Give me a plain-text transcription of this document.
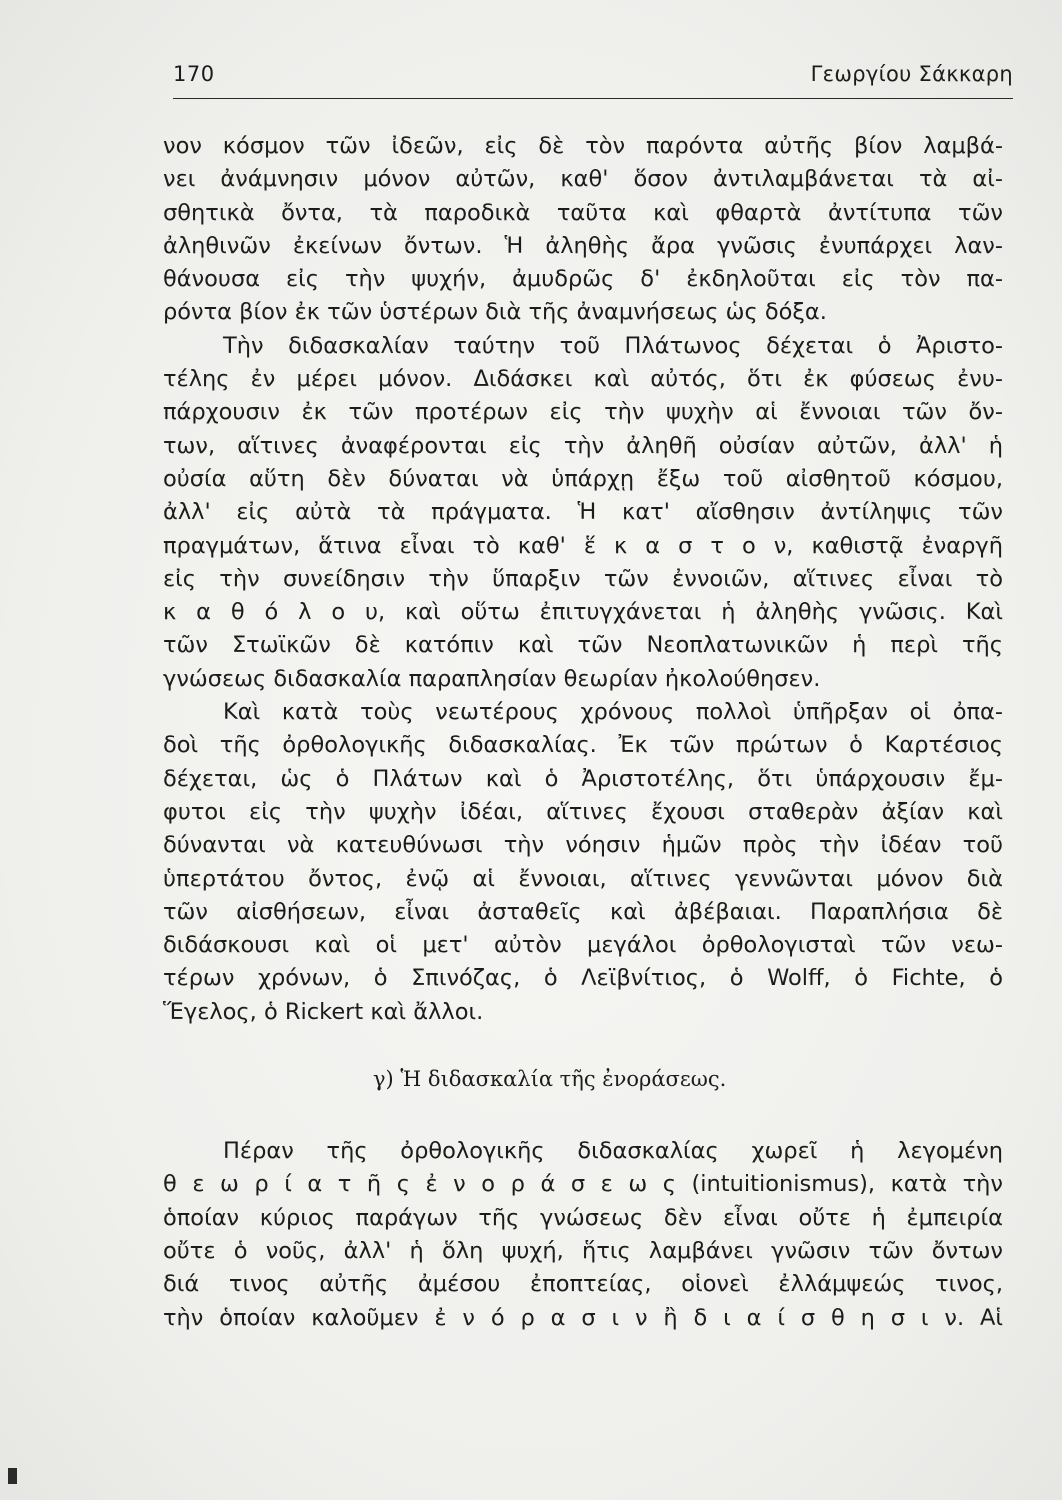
170	Γεωργίου Σάκκαρη
νον κόσμον τῶν ἰδεῶν, εἰς δὲ τὸν παρόντα αὐτῆς βίον λαμβά-
νει ἀνάμνησιν μόνον αὐτῶν, καθ' ὅσον ἀντιλαμβάνεται τὰ αἰ-
σθητικὰ ὄντα, τὰ παροδικὰ ταῦτα καὶ φθαρτὰ ἀντίτυπα τῶν
ἀληθινῶν ἐκείνων ὄντων. Ἡ ἀληθὴς ἄρα γνῶσις ἐνυπάρχει λαν-
θάνουσα εἰς τὴν ψυχήν, ἀμυδρῶς δ' ἐκδηλοῦται εἰς τὸν πα-
ρόντα βίον ἐκ τῶν ὑστέρων διὰ τῆς ἀναμνήσεως ὡς δόξα.
Τὴν διδασκαλίαν ταύτην τοῦ Πλάτωνος δέχεται ὁ Ἀριστο-
τέλης ἐν μέρει μόνον. Διδάσκει καὶ αὐτός, ὅτι ἐκ φύσεως ἐνυ-
πάρχουσιν ἐκ τῶν προτέρων εἰς τὴν ψυχὴν αἱ ἔννοιαι τῶν ὄν-
των, αἵτινες ἀναφέρονται εἰς τὴν ἀληθῆ οὐσίαν αὐτῶν, ἀλλ' ἡ
οὐσία αὕτη δὲν δύναται νὰ ὑπάρχῃ ἔξω τοῦ αἰσθητοῦ κόσμου,
ἀλλ' εἰς αὐτὰ τὰ πράγματα. Ἡ κατ' αἴσθησιν ἀντίληψις τῶν
πραγμάτων, ἅτινα εἶναι τὸ καθ' ἕ κ α σ τ ο ν, καθιστᾷ ἐναργῆ
εἰς τὴν συνείδησιν τὴν ὕπαρξιν τῶν ἐννοιῶν, αἵτινες εἶναι τὸ
κ α θ ό λ ο υ, καὶ οὕτω ἐπιτυγχάνεται ἡ ἀληθὴς γνῶσις. Καὶ
τῶν Στωϊκῶν δὲ κατόπιν καὶ τῶν Νεοπλατωνικῶν ἡ περὶ τῆς
γνώσεως διδασκαλία παραπλησίαν θεωρίαν ἠκολούθησεν.
Καὶ κατὰ τοὺς νεωτέρους χρόνους πολλοὶ ὑπῆρξαν οἱ ὀπα-
δοὶ τῆς ὀρθολογικῆς διδασκαλίας. Ἐκ τῶν πρώτων ὁ Καρτέσιος
δέχεται, ὡς ὁ Πλάτων καὶ ὁ Ἀριστοτέλης, ὅτι ὑπάρχουσιν ἔμ-
φυτοι εἰς τὴν ψυχὴν ἰδέαι, αἵτινες ἔχουσι σταθερὰν ἀξίαν καὶ
δύνανται νὰ κατευθύνωσι τὴν νόησιν ἡμῶν πρὸς τὴν ἰδέαν τοῦ
ὑπερτάτου ὄντος, ἐνῷ αἱ ἔννοιαι, αἵτινες γεννῶνται μόνον διὰ
τῶν αἰσθήσεων, εἶναι ἀσταθεῖς καὶ ἀβέβαιαι. Παραπλήσια δὲ
διδάσκουσι καὶ οἱ μετ' αὐτὸν μεγάλοι ὀρθολογισταὶ τῶν νεω-
τέρων χρόνων, ὁ Σπινόζας, ὁ Λεϊβνίτιος, ὁ Wolff, ὁ Fichte, ὁ
Ἕγελος, ὁ Rickert καὶ ἄλλοι.
γ) Ἡ διδασκαλία τῆς ἐνοράσεως.
Πέραν τῆς ὀρθολογικῆς διδασκαλίας χωρεῖ ἡ λεγομένη
θ ε ω ρ ί α τ ῆ ς ἐ ν ο ρ ά σ ε ω ς (intuitionismus), κατὰ τὴν
ὁποίαν κύριος παράγων τῆς γνώσεως δὲν εἶναι οὔτε ἡ ἐμπειρία
οὔτε ὁ νοῦς, ἀλλ' ἡ ὅλη ψυχή, ἥτις λαμβάνει γνῶσιν τῶν ὄντων
διά τινος αὐτῆς ἀμέσου ἐποπτείας, οἱονεὶ ἐλλάμψεώς τινος,
τὴν ὁποίαν καλοῦμεν ἐ ν ό ρ α σ ι ν ἢ δ ι α ί σ θ η σ ι ν. Αἱ
